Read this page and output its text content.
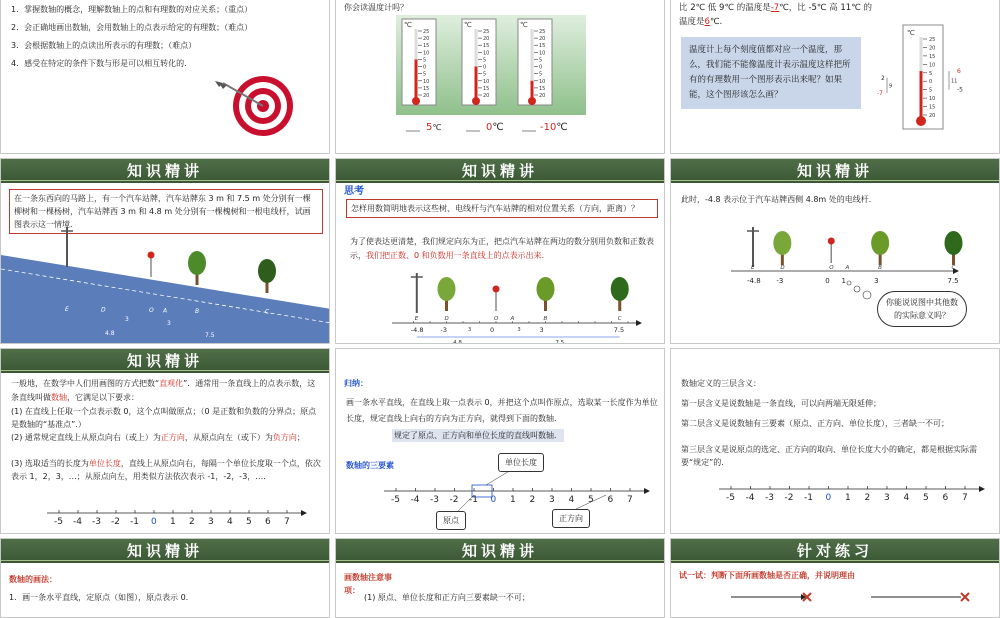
1．掌握数轴的概念，理解数轴上的点和有理数的对应关系；（重点）
2．会正确地画出数轴，会用数轴上的点表示给定的有理数；（难点）
3．会根据数轴上的点读出所表示的有理数；（难点）
4．感受在特定的条件下数与形是可以相互转化的．
你会读温度计吗？
℃
25
20
15
10
5
0
5
10
15
20
℃
25
20
15
10
5
0
5
10
15
20
℃
25
20
15
10
5
0
5
10
15
20
5℃	0℃	-10℃
比 2℃ 低 9℃ 的温度是-7℃，比 -5℃ 高 11℃ 的温度是6℃.
温度计上每个刻度值都对应一个温度，那么，我们能不能像温度计表示温度这样把所有的有理数用一个图形表示出来呢？如果能，这个图形该怎么画？
℃
25
20
15
10
5
0
5
10
15
20
2
-7
9
-5
11
6
知识精讲
在一条东西向的马路上，有一个汽车站牌，汽车站牌东 3 m 和 7.5 m 处分别有一棵柳树和一棵杨树，汽车站牌西 3 m 和 4.8 m 处分别有一棵槐树和一根电线杆，试画图表示这一情境．
E	D	O A	B	C
4.8
3
3
7.5
知识精讲
思考
怎样用数简明地表示这些树、电线杆与汽车站牌的相对位置关系（方向，距离）？
为了使表达更清楚，我们规定向东为正，把点汽车站牌在两边的数分别用负数和正数表示，我们把正数、0 和负数用一条直线上的点表示出来．
-4.8	-3	0	3	7.5
E	D	O A	B	C
4.8	7.5
3	3
知识精讲
此时，-4.8 表示位于汽车站牌西侧 4.8m 处的电线杆．
-4.8 -3	0 1	3	7.5
E	D	O A	B	C
你能说说图中其他数的实际意义吗？
知识精讲
一般地，在数学中人们用画图的方式把数“直观化”．通常用一条直线上的点表示数，这条直线叫做数轴，它满足以下要求：
(1) 在直线上任取一个点表示数 0，这个点叫做原点；（0 是正数和负数的分界点；原点是数轴的“基准点”.）
(2) 通常规定直线上从原点向右（或上）为正方向，从原点向左（或下）为负方向；
(3) 选取适当的长度为单位长度，直线上从原点向右，每隔一个单位长度取一个点，依次表示 1，2，3，…；从原点向左，用类似方法依次表示 -1，-2，-3，…．
-5 -4 -3 -2 -1 0 1 2 3 4 5 6 7
归纳：
画一条水平直线，在直线上取一点表示 0，并把这个点叫作原点，选取某一长度作为单位长度，规定直线上向右的方向为正方向，就得到下面的数轴．
规定了原点、正方向和单位长度的直线叫数轴．
数轴的三要素
-5 -4 -3 -2 -1 0 1 2 3 4 5 6 7
单位长度
原点	正方向
数轴定义的三层含义：
第一层含义是说数轴是一条直线，可以向两端无限延伸；
第二层含义是说数轴有三要素（原点、正方向、单位长度），三者缺一不可；
第三层含义是说原点的选定、正方向的取向、单位长度大小的确定，都是根据实际需要“规定”的．
-5 -4 -3 -2 -1 0 1 2 3 4 5 6 7
知识精讲
数轴的画法：
1．画一条水平直线，定原点（如图），原点表示 0．
知识精讲
画数轴注意事项：
(1) 原点、单位长度和正方向三要素缺一不可；
针对练习
试一试：判断下面所画数轴是否正确，并说明理由
